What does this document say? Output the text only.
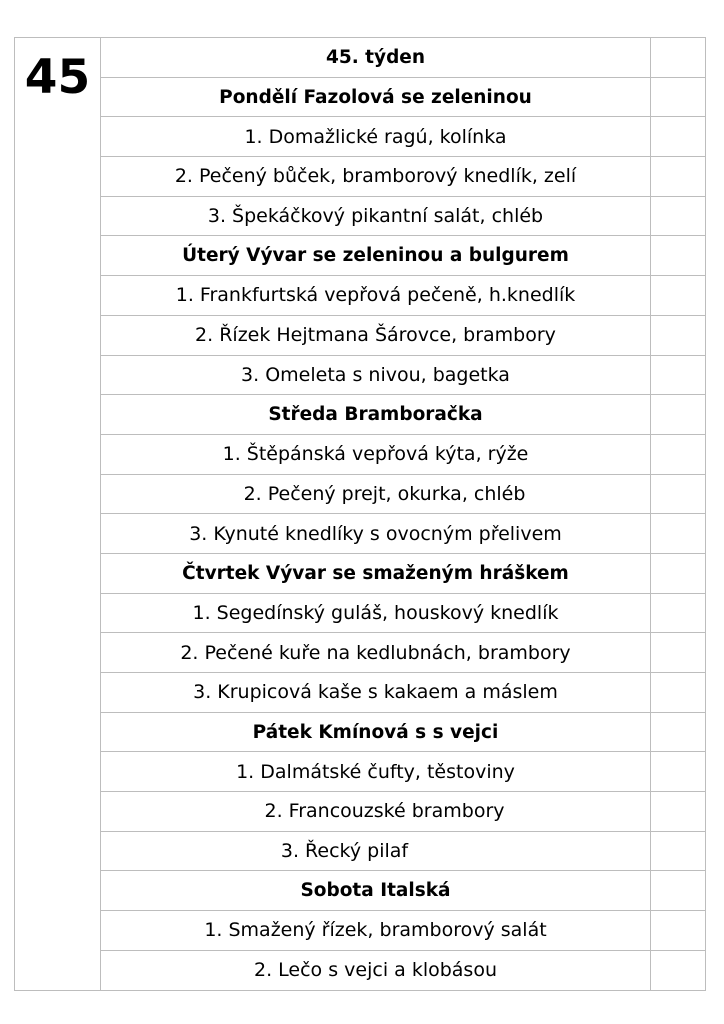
45	45. týden	
	Pondělí Fazolová se zeleninou	
	1. Domažlické ragú, kolínka	
	2. Pečený bůček, bramborový knedlík, zelí	
	3. Špekáčkový pikantní salát, chléb	
	Úterý Vývar se zeleninou a bulgurem	
	1. Frankfurtská vepřová pečeně, h.knedlík	
	2. Řízek Hejtmana Šárovce, brambory	
	3. Omeleta s nivou, bagetka	
	Středa Bramboračka	
	1. Štěpánská vepřová kýta, rýže	
	2. Pečený prejt, okurka, chléb	
	3. Kynuté knedlíky s ovocným přelivem	
	Čtvrtek Vývar se smaženým hráškem	
	1. Segedínský guláš, houskový knedlík	
	2. Pečené kuře na kedlubnách, brambory	
	3. Krupicová kaše s kakaem a máslem	
	Pátek Kmínová s s vejci	
	1. Dalmátské čufty, těstoviny	
	2. Francouzské brambory	
	3. Řecký pilaf	
	Sobota Italská	
	1. Smažený řízek, bramborový salát	
	2. Lečo s vejci a klobásou	
